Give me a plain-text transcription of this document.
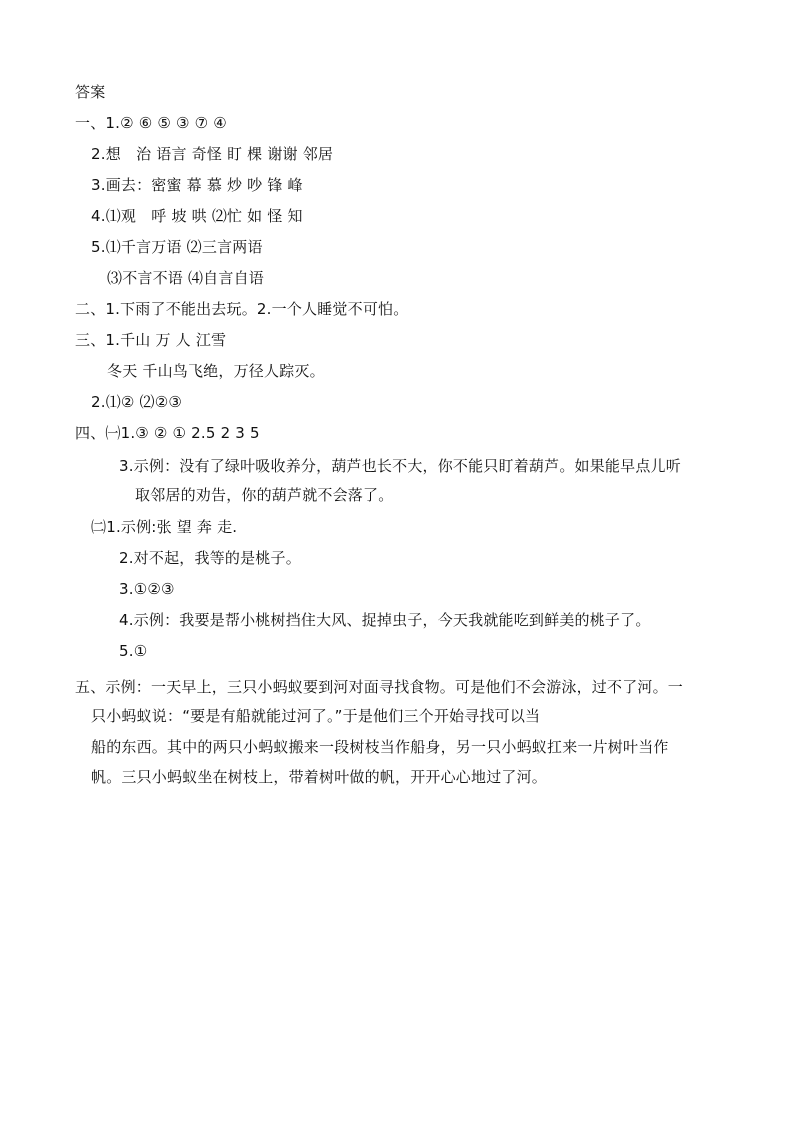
答案
一、1.② ⑥ ⑤ ③ ⑦ ④
2.想　治 语言 奇怪 盯 棵 谢谢 邻居
3.画去：密蜜 幕 慕 炒 吵 锋 峰
4.⑴观　呼 坡 哄 ⑵忙 如 怪 知
5.⑴千言万语 ⑵三言两语
⑶不言不语 ⑷自言自语
二、1.下雨了不能出去玩。2.一个人睡觉不可怕。
三、1.千山 万 人 江雪
冬天 千山鸟飞绝，万径人踪灭。
2.⑴② ⑵②③
四、㈠1.③ ② ① 2.5 2 3 5
3.示例：没有了绿叶吸收养分，葫芦也长不大，你不能只盯着葫芦。如果能早点儿听
取邻居的劝告，你的葫芦就不会落了。
㈡1.示例:张 望 奔 走.
2.对不起，我等的是桃子。
3.①②③
4.示例：我要是帮小桃树挡住大风、捉掉虫子，今天我就能吃到鲜美的桃子了。
5.①
五、示例：一天早上，三只小蚂蚁要到河对面寻找食物。可是他们不会游泳，过不了河。一
只小蚂蚁说：“要是有船就能过河了。”于是他们三个开始寻找可以当
船的东西。其中的两只小蚂蚁搬来一段树枝当作船身，另一只小蚂蚁扛来一片树叶当作
帆。三只小蚂蚁坐在树枝上，带着树叶做的帆，开开心心地过了河。
